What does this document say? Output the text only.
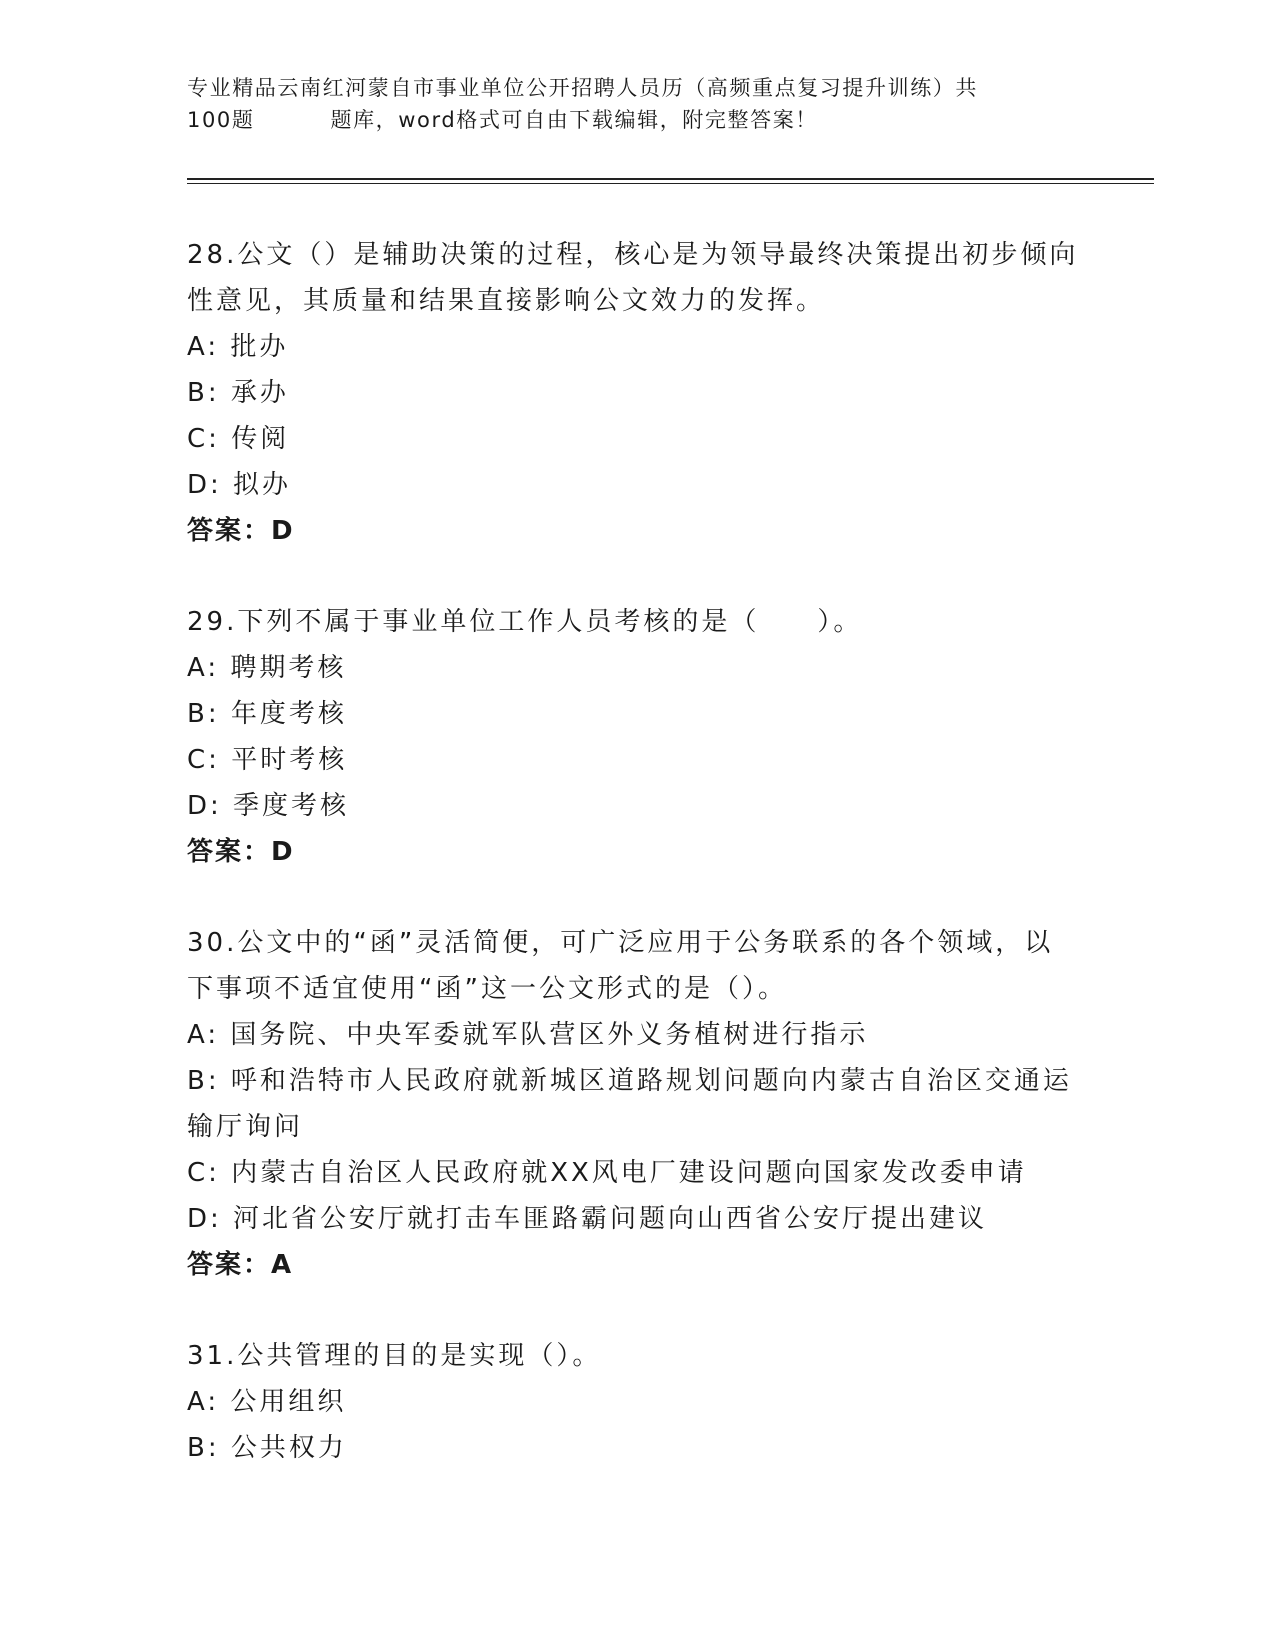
专业精品云南红河蒙自市事业单位公开招聘人员历（高频重点复习提升训练）共
100题	题库，word格式可自由下载编辑，附完整答案！
28.公文（）是辅助决策的过程，核心是为领导最终决策提出初步倾向
性意见，其质量和结果直接影响公文效力的发挥。
A: 批办
B: 承办
C: 传阅
D: 拟办
答案：D
29.下列不属于事业单位工作人员考核的是（　　）。
A: 聘期考核
B: 年度考核
C: 平时考核
D: 季度考核
答案：D
30.公文中的“函”灵活简便，可广泛应用于公务联系的各个领域，以
下事项不适宜使用“函”这一公文形式的是（）。
A: 国务院、中央军委就军队营区外义务植树进行指示
B: 呼和浩特市人民政府就新城区道路规划问题向内蒙古自治区交通运
输厅询问
C: 内蒙古自治区人民政府就XX风电厂建设问题向国家发改委申请
D: 河北省公安厅就打击车匪路霸问题向山西省公安厅提出建议
答案：A
31.公共管理的目的是实现（）。
A: 公用组织
B: 公共权力
